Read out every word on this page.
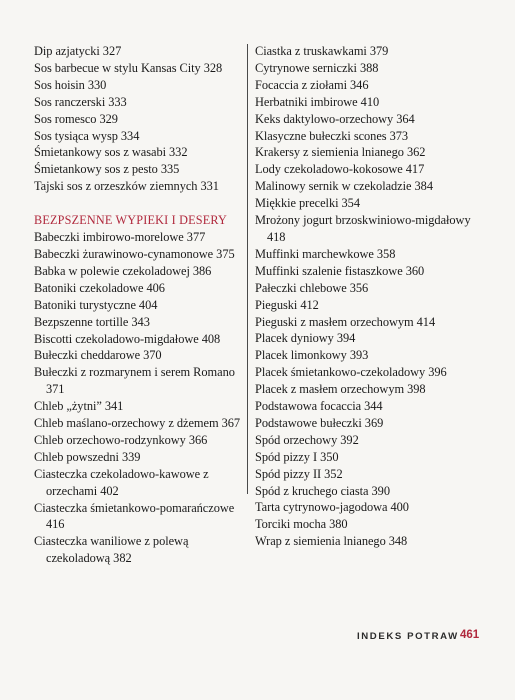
Dip azjatycki 327
Sos barbecue w stylu Kansas City 328
Sos hoisin 330
Sos ranczerski 333
Sos romesco 329
Sos tysiąca wysp 334
Śmietankowy sos z wasabi 332
Śmietankowy sos z pesto 335
Tajski sos z orzeszków ziemnych 331
BEZPSZENNE WYPIEKI I DESERY
Babeczki imbirowo-morelowe 377
Babeczki żurawinowo-cynamonowe 375
Babka w polewie czekoladowej 386
Batoniki czekoladowe 406
Batoniki turystyczne 404
Bezpszenne tortille 343
Biscotti czekoladowo-migdałowe 408
Bułeczki cheddarowe 370
Bułeczki z rozmarynem i serem Romano 371
Chleb „żytni” 341
Chleb maślano-orzechowy z dżemem 367
Chleb orzechowo-rodzynkowy 366
Chleb powszedni 339
Ciasteczka czekoladowo-kawowe z orzechami 402
Ciasteczka śmietankowo-pomarańczowe 416
Ciasteczka waniliowe z polewą czekoladową 382
Ciastka z truskawkami 379
Cytrynowe serniczki 388
Focaccia z ziołami 346
Herbatniki imbirowe 410
Keks daktylowo-orzechowy 364
Klasyczne bułeczki scones 373
Krakersy z siemienia lnianego 362
Lody czekoladowo-kokosowe 417
Malinowy sernik w czekoladzie 384
Miękkie precelki 354
Mrożony jogurt brzoskwiniowo-migdałowy 418
Muffinki marchewkowe 358
Muffinki szalenie fistaszkowe 360
Pałeczki chlebowe 356
Pieguski 412
Pieguski z masłem orzechowym 414
Placek dyniowy 394
Placek limonkowy 393
Placek śmietankowo-czekoladowy 396
Placek z masłem orzechowym 398
Podstawowa focaccia 344
Podstawowe bułeczki 369
Spód orzechowy 392
Spód pizzy I 350
Spód pizzy II 352
Spód z kruchego ciasta 390
Tarta cytrynowo-jagodowa 400
Torciki mocha 380
Wrap z siemienia lnianego 348
INDEKS POTRAW 461
